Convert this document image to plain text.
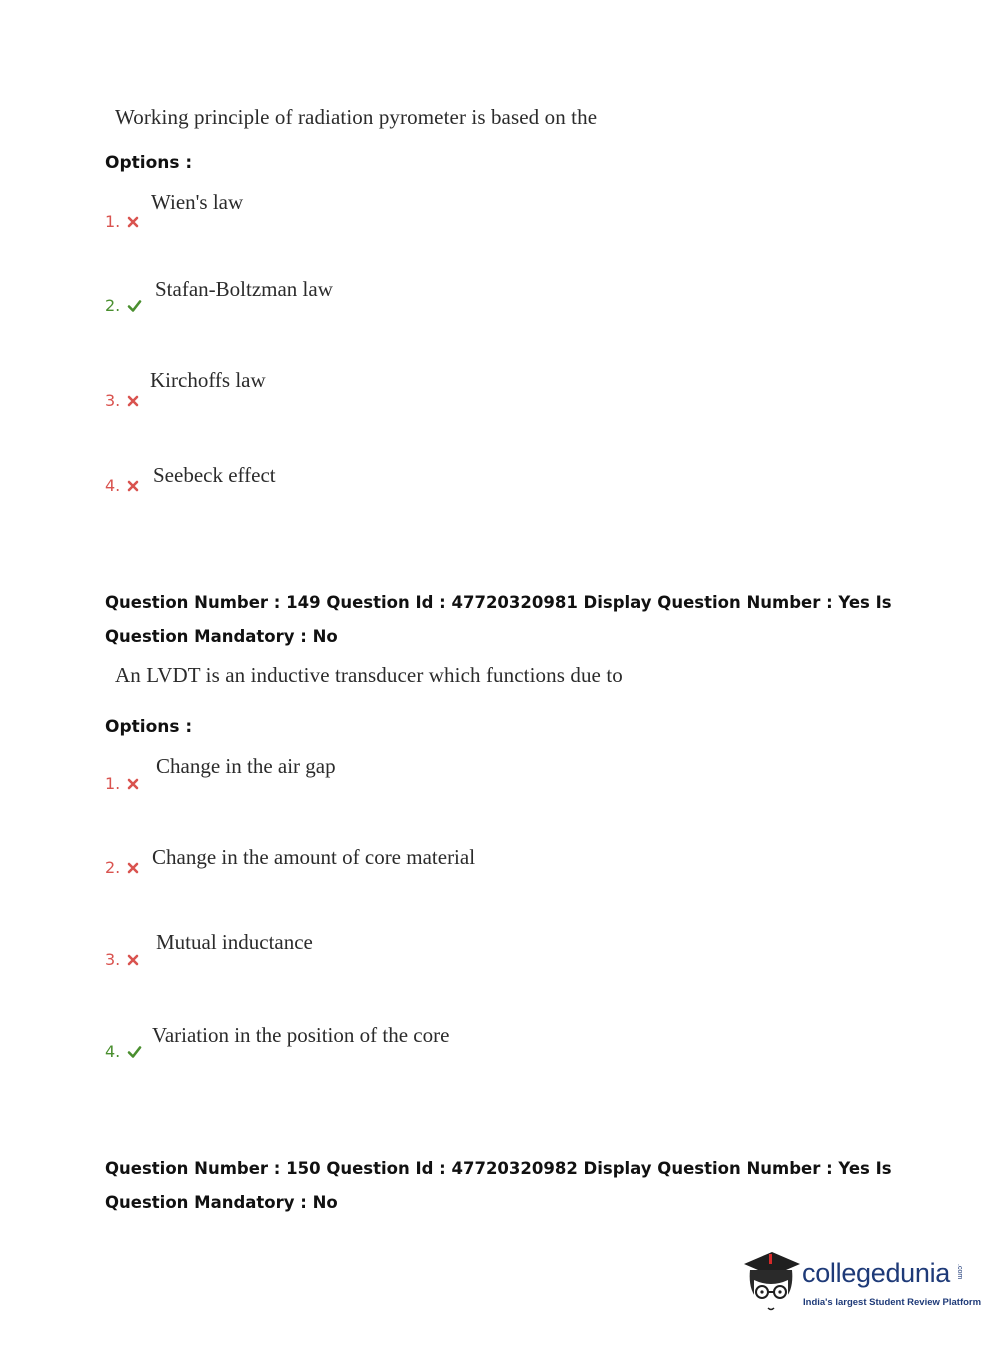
Working principle of radiation pyrometer is based on the
Options :
Wien's law
1.
Stafan-Boltzman law
2.
Kirchoffs law
3.
Seebeck effect
4.
Question Number : 149 Question Id : 47720320981 Display Question Number : Yes Is Question Mandatory : No
An LVDT is an inductive transducer which functions due to
Options :
Change in the air gap
1.
Change in the amount of core material
2.
Mutual inductance
3.
Variation in the position of the core
4.
Question Number : 150 Question Id : 47720320982 Display Question Number : Yes Is Question Mandatory : No
collegedunia .com
India's largest Student Review Platform
